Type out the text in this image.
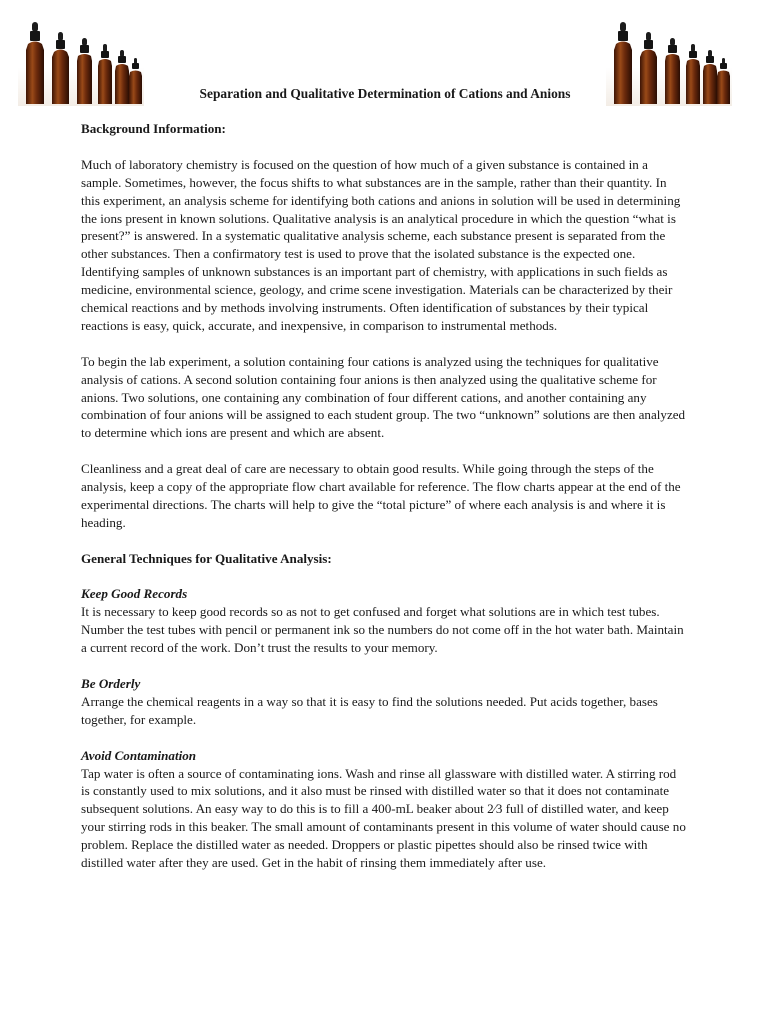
Separation and Qualitative Determination of Cations and Anions
Background Information:

Much of laboratory chemistry is focused on the question of how much of a given substance is contained in a sample. Sometimes, however, the focus shifts to what substances are in the sample, rather than their quantity. In this experiment, an analysis scheme for identifying both cations and anions in solution will be used in determining the ions present in known solutions. Qualitative analysis is an analytical procedure in which the question “what is present?” is answered. In a systematic qualitative analysis scheme, each substance present is separated from the other substances. Then a confirmatory test is used to prove that the isolated substance is the expected one. Identifying samples of unknown substances is an important part of chemistry, with applications in such fields as medicine, environmental science, geology, and crime scene investigation. Materials can be characterized by their chemical reactions and by methods involving instruments. Often identification of substances by their typical reactions is easy, quick, accurate, and inexpensive, in comparison to instrumental methods.

To begin the lab experiment, a solution containing four cations is analyzed using the techniques for qualitative analysis of cations. A second solution containing four anions is then analyzed using the qualitative scheme for anions. Two solutions, one containing any combination of four different cations, and another containing any combination of four anions will be assigned to each student group. The two “unknown” solutions are then analyzed to determine which ions are present and which are absent.

Cleanliness and a great deal of care are necessary to obtain good results. While going through the steps of the analysis, keep a copy of the appropriate flow chart available for reference. The flow charts appear at the end of the experimental directions. The charts will help to give the “total picture” of where each analysis is and where it is heading.

General Techniques for Qualitative Analysis:
Keep Good Records

It is necessary to keep good records so as not to get confused and forget what solutions are in which test tubes. Number the test tubes with pencil or permanent ink so the numbers do not come off in the hot water bath. Maintain a current record of the work. Don’t trust the results to your memory.

Be Orderly

Arrange the chemical reagents in a way so that it is easy to find the solutions needed. Put acids together, bases together, for example.

Avoid Contamination

Tap water is often a source of contaminating ions. Wash and rinse all glassware with distilled water. A stirring rod is constantly used to mix solutions, and it also must be rinsed with distilled water so that it does not contaminate subsequent solutions. An easy way to do this is to fill a 400-mL beaker about 2⁄3 full of distilled water, and keep your stirring rods in this beaker. The small amount of contaminants present in this volume of water should cause no problem. Replace the distilled water as needed. Droppers or plastic pipettes should also be rinsed twice with distilled water after they are used. Get in the habit of rinsing them immediately after use.
